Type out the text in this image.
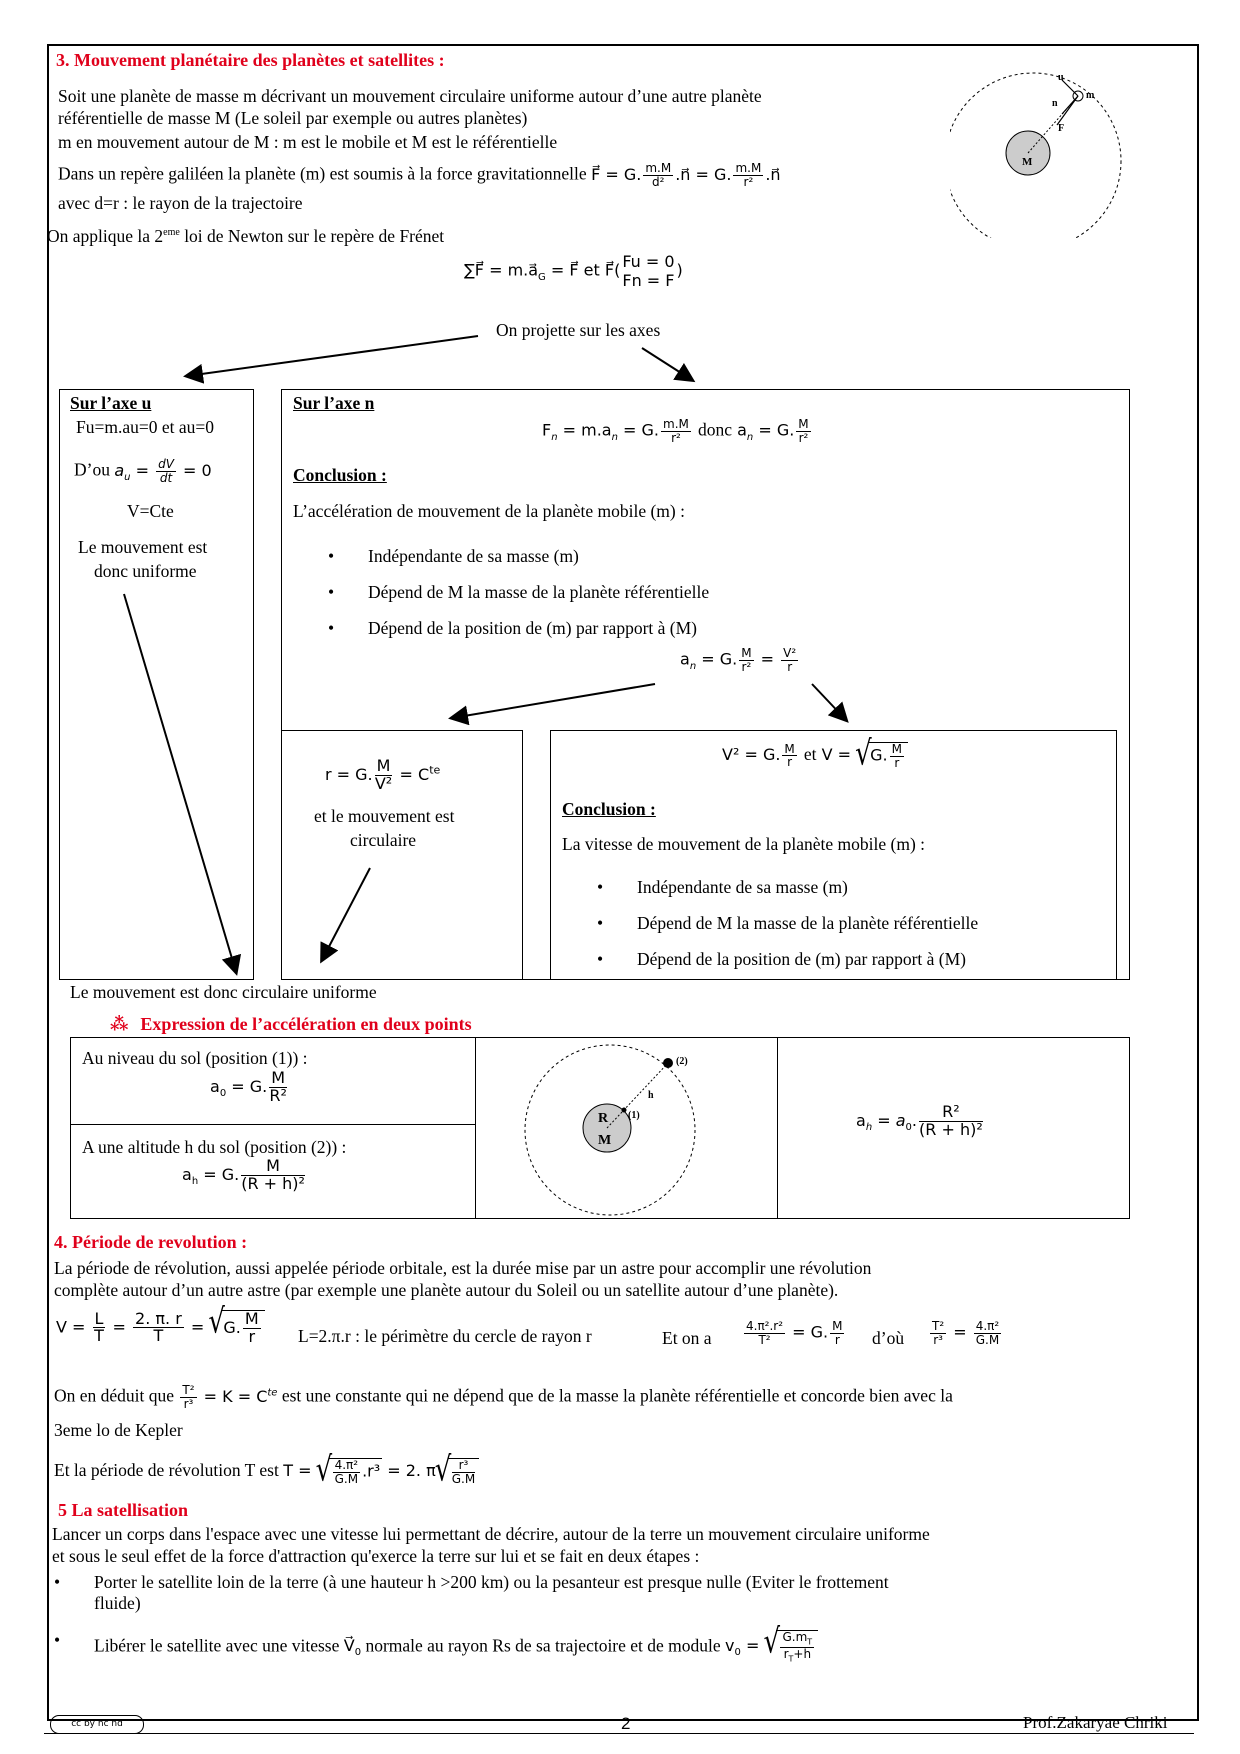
3. Mouvement planétaire des planètes et satellites :
Soit une planète de masse m décrivant un mouvement circulaire uniforme autour d’une autre planète
référentielle de masse M (Le soleil par exemple ou autres planètes)
m en mouvement autour de M : m est le mobile et M est le référentielle
Dans un repère galiléen la planète (m) est soumis à la force gravitationnelle F⃗ = G. $\frac{m.M}{\text{d²}}$ .n⃗ = G. $\frac{m.M}{\text{r²}}$ .n⃗
avec d=r : le rayon de la trajectoire
u
n
F
m
M
On applique la 2eme loi de Newton sur le repère de Frénet
∑F⃗ = $m.a⃗_G$ = F⃗ et F⃗( Fu = 0
Fn = F
)
On projette sur les axes
Sur l’axe u
Fu=m.au=0 et au=0
D’ou $a_u = \frac{dV}{dt} = 0$
V=Cte
Le mouvement est
donc uniforme
Sur l’axe n
$F_n = m.a_n = G$. $\frac{m.M}{\text{r²}}$ donc $a_n = G$. $\frac{M}{\text{r²}}$
Conclusion :
L’accélération de mouvement de la planète mobile (m) :
• Indépendante de sa masse (m)
• Dépend de M la masse de la planète référentielle
• Dépend de la position de (m) par rapport à (M)
$a_n = G$. $\frac{M}{\text{r²}} = \frac{\text{V²}}{r}$
r = G. $\frac{M}{\text{V²}} = C^{te}$
et le mouvement est
circulaire
V² = G. $\frac{M}{r}$ et V = √ G. $\frac{M}{r}$
Conclusion :
La vitesse de mouvement de la planète mobile (m) :
• Indépendante de sa masse (m)
• Dépend de M la masse de la planète référentielle
• Dépend de la position de (m) par rapport à (M)
Le mouvement est donc circulaire uniforme
⁂ Expression de l’accélération en deux points
Au niveau du sol (position (1)) :
$a_0 = G$. $\frac{M}{\text{R²}}$
A une altitude h du sol (position (2)) :
$a_h = G$. $\frac{M}{\text{(R + h)²}}$
(2)
(1)
h
R
M
$a_h = a_0$. $\frac{\text{R²}}{\text{(R + h)²}}$
4. Période de revolution :
La période de révolution, aussi appelée période orbitale, est la durée mise par un astre pour accomplir une révolution
complète autour d’un autre astre (par exemple une planète autour du Soleil ou un satellite autour d’une planète).
$V = \frac{L}{T} = \frac{2. \pi. r}{T}$ = √ G. $\frac{M}{r} L=2.\pi.r$ : le périmètre du cercle de rayon r	Et on a	$\frac{\text{4.π².r²}}{\text{T²}} = G$. $\frac{M}{r}$ d’où $\frac{\text{T²}}{\text{r³}} = \frac{\text{4.π²}}{G.M}$
On en déduit que $\frac{\text{T²}}{\text{r³}} = K = C^{te}$ est une constante qui ne dépend que de la masse la planète référentielle et concorde bien avec la
3eme lo de Kepler
Et la période de révolution T est T = √ $\frac{\text{4.π²}}{G.M} .r^3 = 2$. π √ $\frac{\text{r³}}{G.M}$
5 La satellisation
Lancer un corps dans l'espace avec une vitesse lui permettant de décrire, autour de la terre un mouvement circulaire uniforme
et sous le seul effet de la force d'attraction qu'exerce la terre sur lui et se fait en deux étapes :
• Porter le satellite loin de la terre (à une hauteur h >200 km) ou la pesanteur est presque nulle (Eviter le frottement
fluide)
• Libérer le satellite avec une vitesse $V⃗_0$ normale au rayon Rs de sa trajectoire et de module $v_0$ = √ $\frac{G.m_T}{r_T+h}$
cc by nc nd	2	Prof.Zakaryae Chriki
